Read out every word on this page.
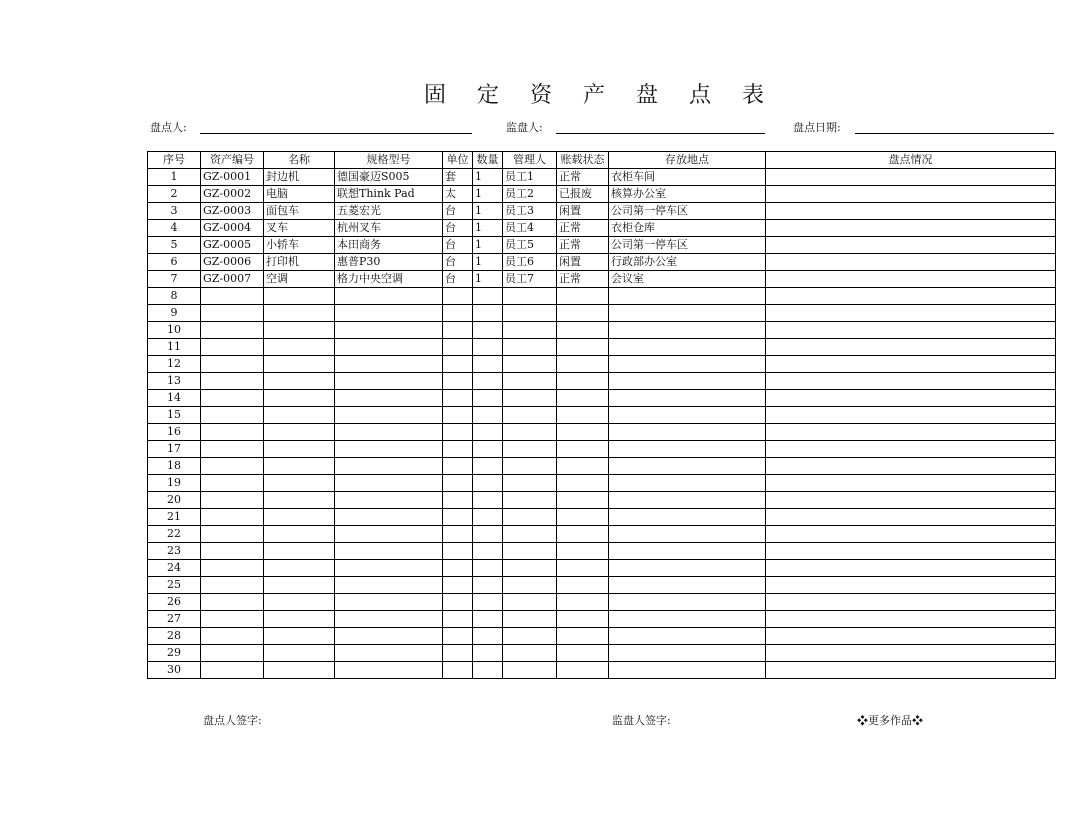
固 定 资 产 盘 点 表
盘点人:	监盘人:	盘点日期:
序号	资产编号	名称	规格型号	单位	数量	管理人	账载状态	存放地点	盘点情况
1	GZ-0001	封边机	德国豪迈S005	套	1	员工1	正常	衣柜车间	
2	GZ-0002	电脑	联想Think Pad	太	1	员工2	已报废	核算办公室	
3	GZ-0003	面包车	五菱宏光	台	1	员工3	闲置	公司第一停车区	
4	GZ-0004	叉车	杭州叉车	台	1	员工4	正常	衣柜仓库	
5	GZ-0005	小轿车	本田商务	台	1	员工5	正常	公司第一停车区	
6	GZ-0006	打印机	惠普P30	台	1	员工6	闲置	行政部办公室	
7	GZ-0007	空调	格力中央空调	台	1	员工7	正常	会议室	
8									
9									
10									
11									
12									
13									
14									
15									
16									
17									
18									
19									
20									
21									
22									
23									
24									
25									
26									
27									
28									
29									
30									
盘点人签字:	监盘人签字:	❖更多作品❖
